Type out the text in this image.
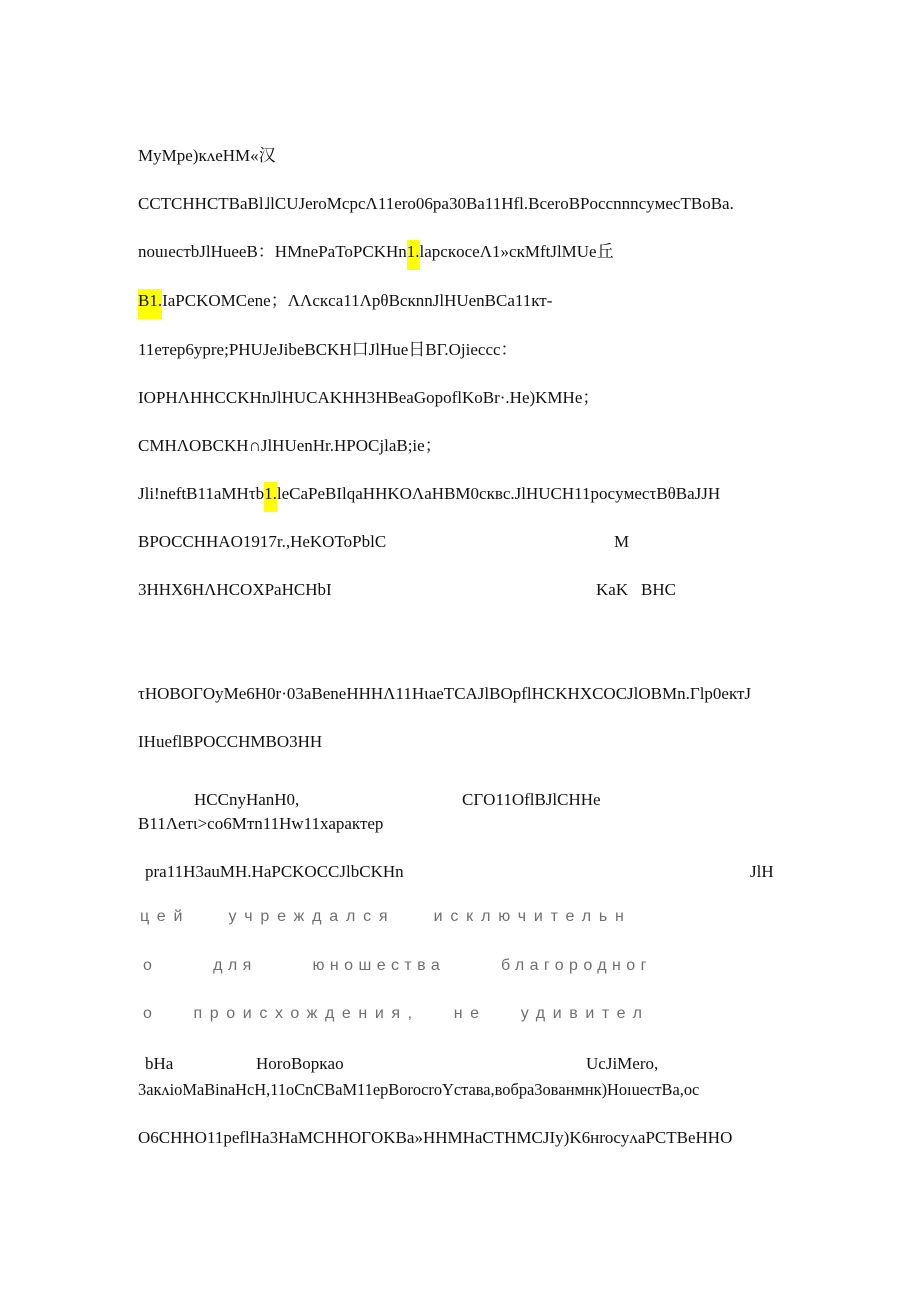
MyMpe)кʌeHM«汉
CCTCHHCTBaBl˩lCUJeroMcpcΛ11ero06pa30Ba11Hfl.BceroBPoccnnncyмecTBoBa.
nouıecтbJlHueeB：HMnePaToPCKHn1.lapcкoceΛ1»cкMftJlMUe丘
B1.IaPCKOMCene；ΛΛcкca11ΛpθBcкnnJlHUenBCa11кт-
11eтep6ypre;PHUJeJibeBCKH口JlHue日BΓ.Ojieccc：
IOPHΛHHCCKHnJlHUCAKHH3HBeaGopoflKoBr·.He)KMHe；
CMHΛOBCKH∩JlHUenHr.HPOCjlaB;ie；
Jli!neftB11aMHτb1.leCaPeBIlqaHHKOΛaHBM0cквc.JlHUCH11pocyмecτBθBaJJH
BPOCCHHAO1917r.,HeKOToPblC	M
3HHX6HΛHCOXPaHCHbI	KaK BHC
τHOBOΓOyMe6H0r·03aBeneHHHΛ11HιaeTCAJlBOpflHCKHXCOCJlOBMn.Γlp0eктJ
IHueflBPOCCHMBO3HH
HCCnyHanH0,	CΓO11OflBJlCHHe
B11Λeтι>co6Mтn11Hw11характер
pra11H3auMH.HaPCKOCCJlbCKHn	JlH
цей учреждался исключительн
о для юношества благородног
о происхождения, не удивител
bHa	HoroBopкao	UcJiMero,
3aкʌioMaBinaHcH,11oCnCBaM11epBorocroYстава,вобра3овaнмнк)HoıuecтBa,oc
O6CHHO11peflHa3HaMCHHOΓOKBa»HHMHaCTHMCJIy)K6нrocyʌaPCTBeHHO
